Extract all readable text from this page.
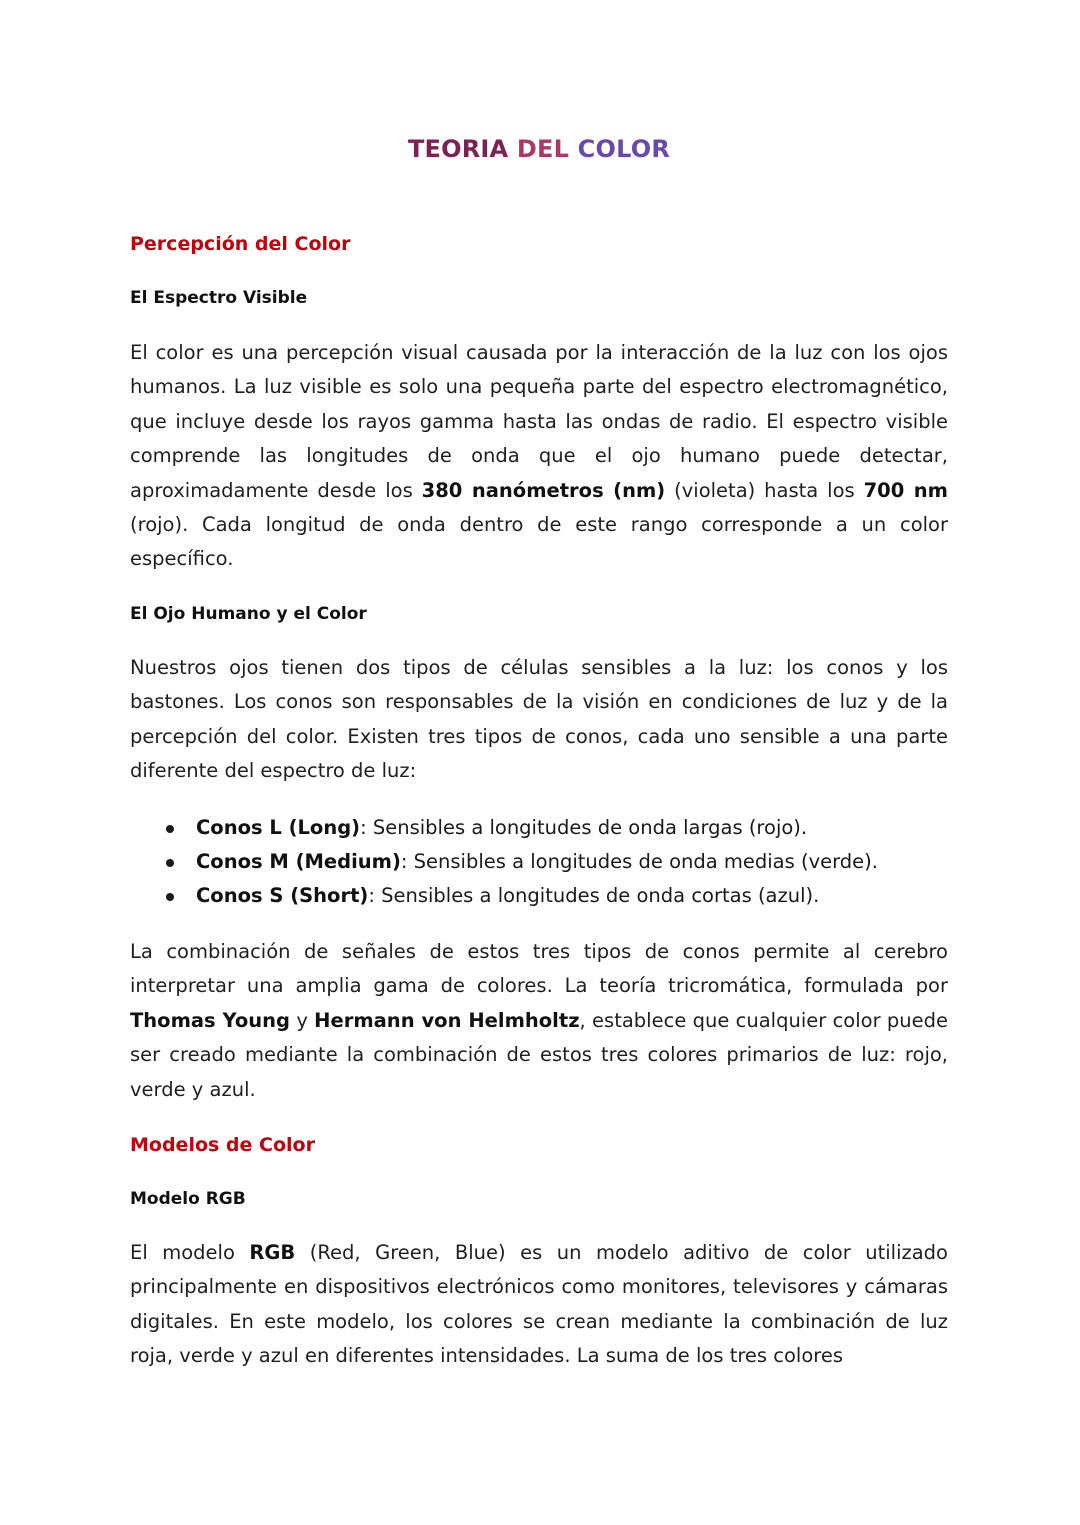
TEORIA DEL COLOR
Percepción del Color
El Espectro Visible

El color es una percepción visual causada por la interacción de la luz con los ojos humanos. La luz visible es solo una pequeña parte del espectro electromagnético, que incluye desde los rayos gamma hasta las ondas de radio. El espectro visible comprende las longitudes de onda que el ojo humano puede detectar, aproximadamente desde los 380 nanómetros (nm) (violeta) hasta los 700 nm (rojo). Cada longitud de onda dentro de este rango corresponde a un color específico.

El Ojo Humano y el Color

Nuestros ojos tienen dos tipos de células sensibles a la luz: los conos y los bastones. Los conos son responsables de la visión en condiciones de luz y de la percepción del color. Existen tres tipos de conos, cada uno sensible a una parte diferente del espectro de luz:

Conos L (Long): Sensibles a longitudes de onda largas (rojo).
Conos M (Medium): Sensibles a longitudes de onda medias (verde).
Conos S (Short): Sensibles a longitudes de onda cortas (azul).

La combinación de señales de estos tres tipos de conos permite al cerebro interpretar una amplia gama de colores. La teoría tricromática, formulada por Thomas Young y Hermann von Helmholtz, establece que cualquier color puede ser creado mediante la combinación de estos tres colores primarios de luz: rojo, verde y azul.

Modelos de Color
Modelo RGB

El modelo RGB (Red, Green, Blue) es un modelo aditivo de color utilizado principalmente en dispositivos electrónicos como monitores, televisores y cámaras digitales. En este modelo, los colores se crean mediante la combinación de luz roja, verde y azul en diferentes intensidades. La suma de los tres colores
